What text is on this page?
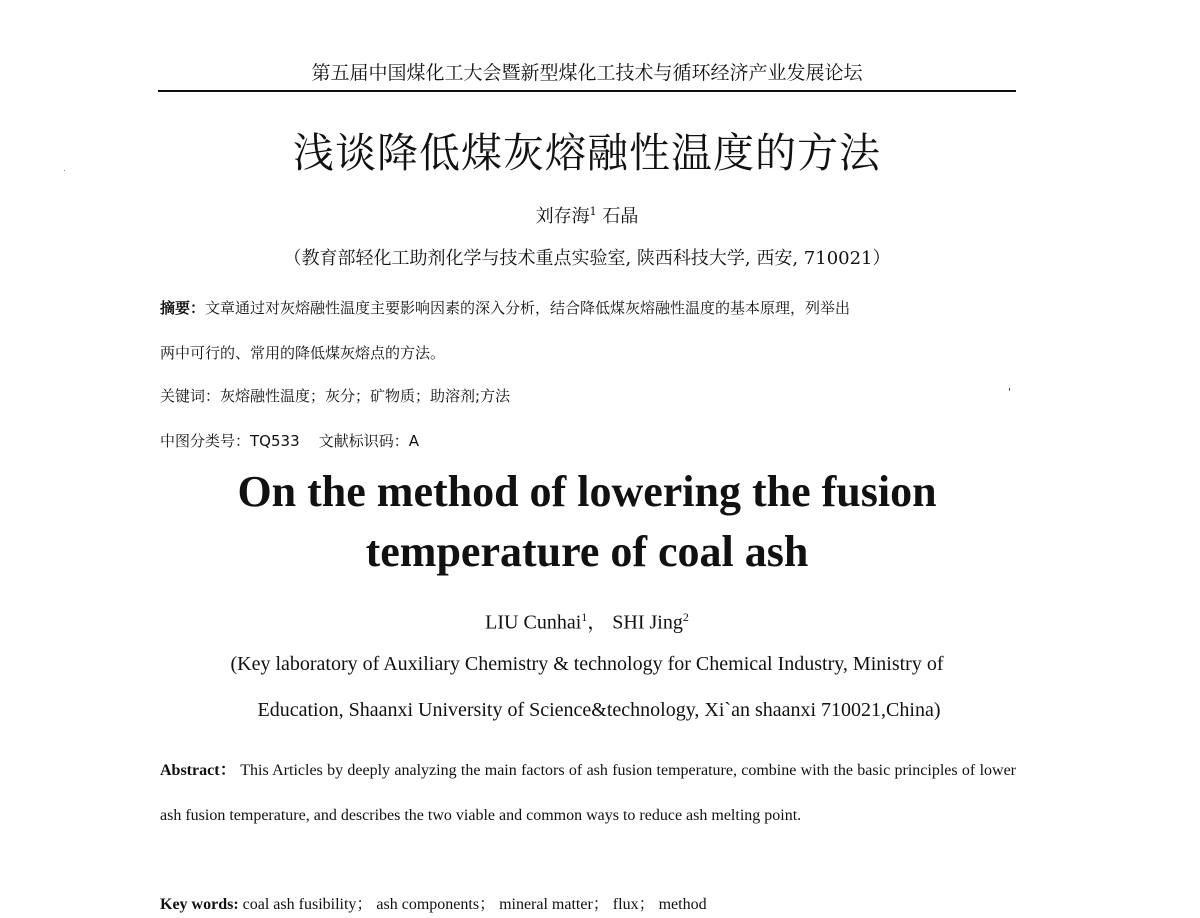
第五届中国煤化工大会暨新型煤化工技术与循环经济产业发展论坛
浅谈降低煤灰熔融性温度的方法
刘存海$^1$ 石晶
（教育部轻化工助剂化学与技术重点实验室, 陕西科技大学, 西安, 710021）
摘要：文章通过对灰熔融性温度主要影响因素的深入分析，结合降低煤灰熔融性温度的基本原理，列举出
两中可行的、常用的降低煤灰熔点的方法。
关键词：灰熔融性温度；灰分；矿物质；助溶剂;方法	'
中图分类号：TQ533 文献标识码：A
On the method of lowering the fusion
temperature of coal ash
LIU Cunhai$^1$， SHI Jing$^2$
(Key laboratory of Auxiliary Chemistry & technology for Chemical Industry, Ministry of
Education, Shaanxi University of Science&technology, Xi`an shaanxi 710021,China)
Abstract： This Articles by deeply analyzing the main factors of ash fusion temperature, combine with the basic principles of lower ash fusion temperature, and describes the two viable and common ways to reduce ash melting point.
Key words: coal ash fusibility； ash components； mineral matter； flux； method
